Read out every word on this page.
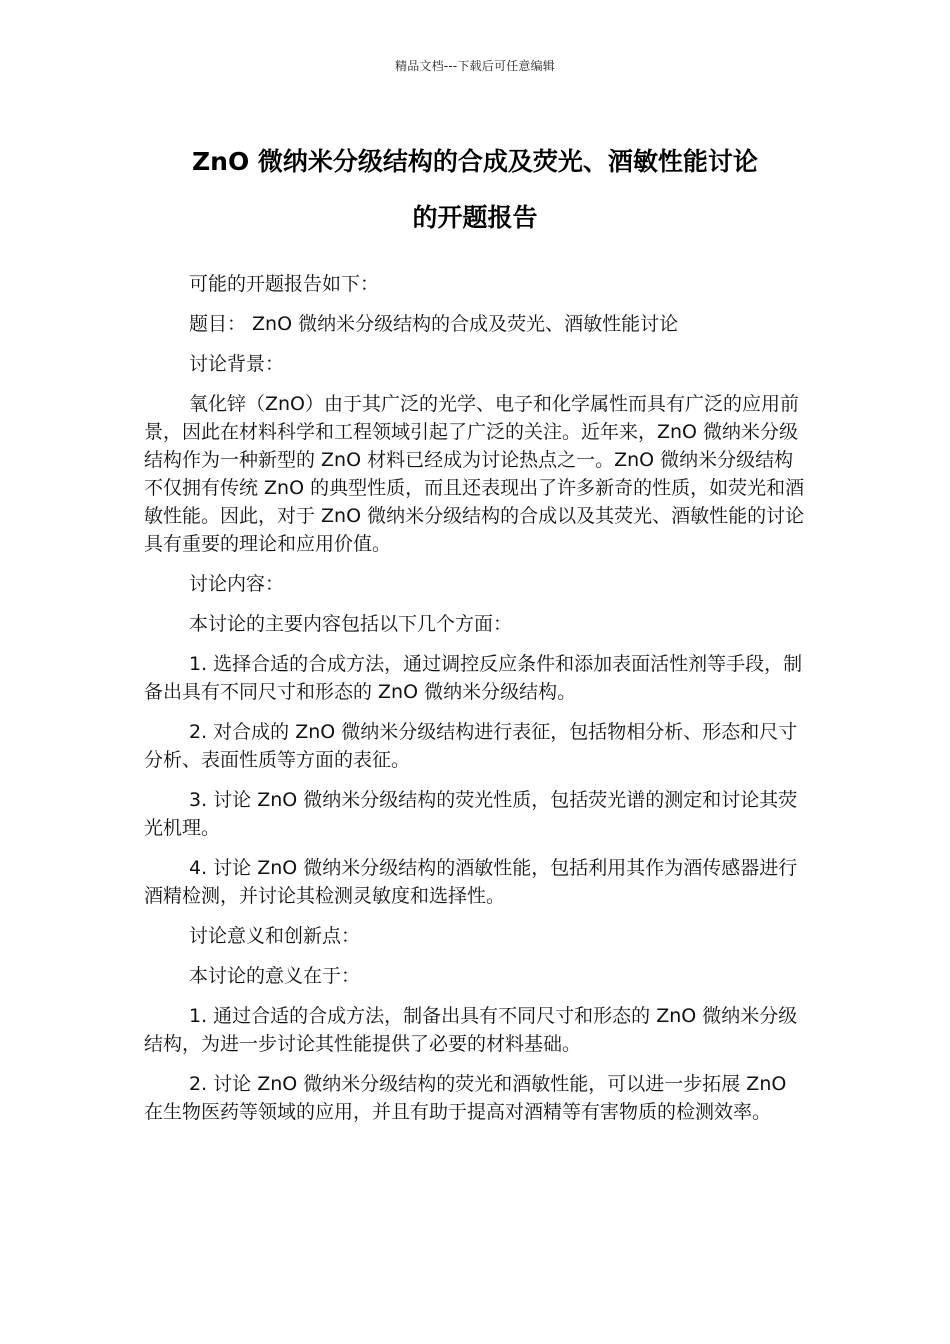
精品文档---下载后可任意编辑
ZnO 微纳米分级结构的合成及荧光、酒敏性能讨论
的开题报告

可能的开题报告如下：

题目： ZnO 微纳米分级结构的合成及荧光、酒敏性能讨论

讨论背景：

氧化锌（ZnO）由于其广泛的光学、电子和化学属性而具有广泛的应用前景，因此在材料科学和工程领域引起了广泛的关注。近年来，ZnO 微纳米分级结构作为一种新型的 ZnO 材料已经成为讨论热点之一。ZnO 微纳米分级结构不仅拥有传统 ZnO 的典型性质，而且还表现出了许多新奇的性质，如荧光和酒敏性能。因此，对于 ZnO 微纳米分级结构的合成以及其荧光、酒敏性能的讨论具有重要的理论和应用价值。

讨论内容：

本讨论的主要内容包括以下几个方面：

1. 选择合适的合成方法，通过调控反应条件和添加表面活性剂等手段，制备出具有不同尺寸和形态的 ZnO 微纳米分级结构。

2. 对合成的 ZnO 微纳米分级结构进行表征，包括物相分析、形态和尺寸分析、表面性质等方面的表征。

3. 讨论 ZnO 微纳米分级结构的荧光性质，包括荧光谱的测定和讨论其荧光机理。

4. 讨论 ZnO 微纳米分级结构的酒敏性能，包括利用其作为酒传感器进行酒精检测，并讨论其检测灵敏度和选择性。

讨论意义和创新点：

本讨论的意义在于：

1. 通过合适的合成方法，制备出具有不同尺寸和形态的 ZnO 微纳米分级结构，为进一步讨论其性能提供了必要的材料基础。

2. 讨论 ZnO 微纳米分级结构的荧光和酒敏性能，可以进一步拓展 ZnO 在生物医药等领域的应用，并且有助于提高对酒精等有害物质的检测效率。
